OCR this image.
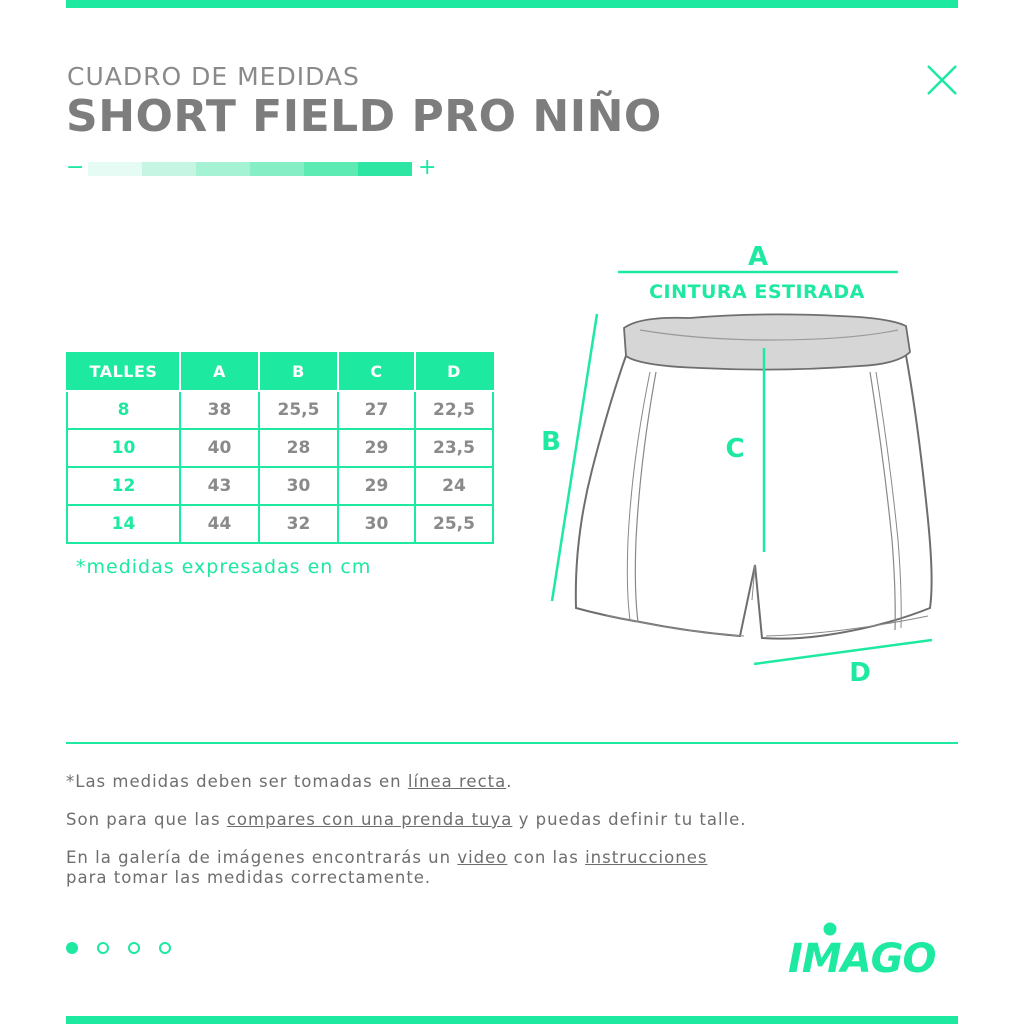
CUADRO DE MEDIDAS
SHORT FIELD PRO NIÑO
−	+
TALLES	A	B	C	D
8	38	25,5	27	22,5
10	40	28	29	23,5
12	43	30	29	24
14	44	32	30	25,5
*medidas expresadas en cm
A
CINTURA ESTIRADA
B	C
D
*Las medidas deben ser tomadas en línea recta.
Son para que las compares con una prenda tuya y puedas definir tu talle.
En la galería de imágenes encontrarás un video con las instrucciones
para tomar las medidas correctamente.
IMAGO
